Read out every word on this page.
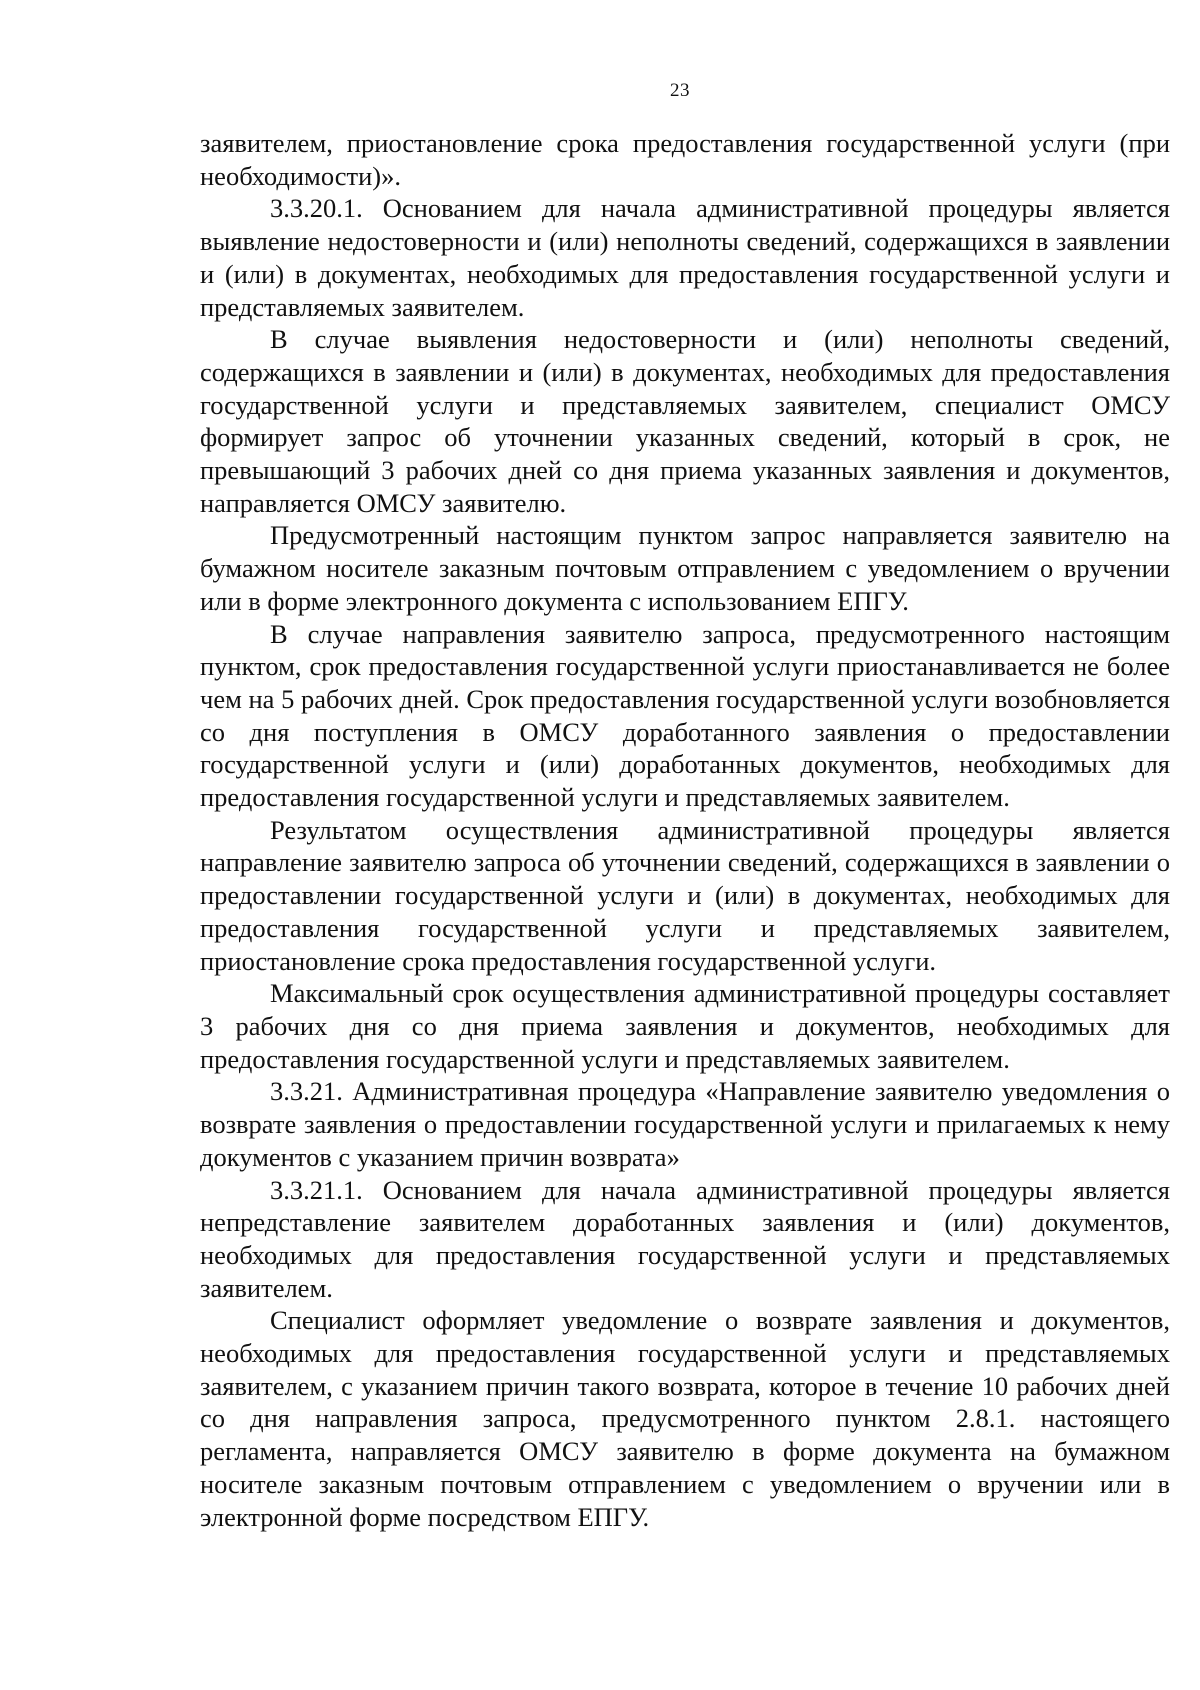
23

заявителем, приостановление срока предоставления государственной услуги (при необходимости)».

3.3.20.1. Основанием для начала административной процедуры является выявление недостоверности и (или) неполноты сведений, содержащихся в заявлении и (или) в документах, необходимых для предоставления государственной услуги и представляемых заявителем.

В случае выявления недостоверности и (или) неполноты сведений, содержащихся в заявлении и (или) в документах, необходимых для предоставления государственной услуги и представляемых заявителем, специалист ОМСУ формирует запрос об уточнении указанных сведений, который в срок, не превышающий 3 рабочих дней со дня приема указанных заявления и документов, направляется ОМСУ заявителю.

Предусмотренный настоящим пунктом запрос направляется заявителю на бумажном носителе заказным почтовым отправлением с уведомлением о вручении или в форме электронного документа с использованием ЕПГУ.

В случае направления заявителю запроса, предусмотренного настоящим пунктом, срок предоставления государственной услуги приостанавливается не более чем на 5 рабочих дней. Срок предоставления государственной услуги возобновляется со дня поступления в ОМСУ доработанного заявления о предоставлении государственной услуги и (или) доработанных документов, необходимых для предоставления государственной услуги и представляемых заявителем.

Результатом осуществления административной процедуры является направление заявителю запроса об уточнении сведений, содержащихся в заявлении о предоставлении государственной услуги и (или) в документах, необходимых для предоставления государственной услуги и представляемых заявителем, приостановление срока предоставления государственной услуги.

Максимальный срок осуществления административной процедуры составляет 3 рабочих дня со дня приема заявления и документов, необходимых для предоставления государственной услуги и представляемых заявителем.

3.3.21. Административная процедура «Направление заявителю уведомления о возврате заявления о предоставлении государственной услуги и прилагаемых к нему документов с указанием причин возврата»

3.3.21.1. Основанием для начала административной процедуры является непредставление заявителем доработанных заявления и (или) документов, необходимых для предоставления государственной услуги и представляемых заявителем.

Специалист оформляет уведомление о возврате заявления и документов, необходимых для предоставления государственной услуги и представляемых заявителем, с указанием причин такого возврата, которое в течение 10 рабочих дней со дня направления запроса, предусмотренного пунктом 2.8.1. настоящего регламента, направляется ОМСУ заявителю в форме документа на бумажном носителе заказным почтовым отправлением с уведомлением о вручении или в электронной форме посредством ЕПГУ.
